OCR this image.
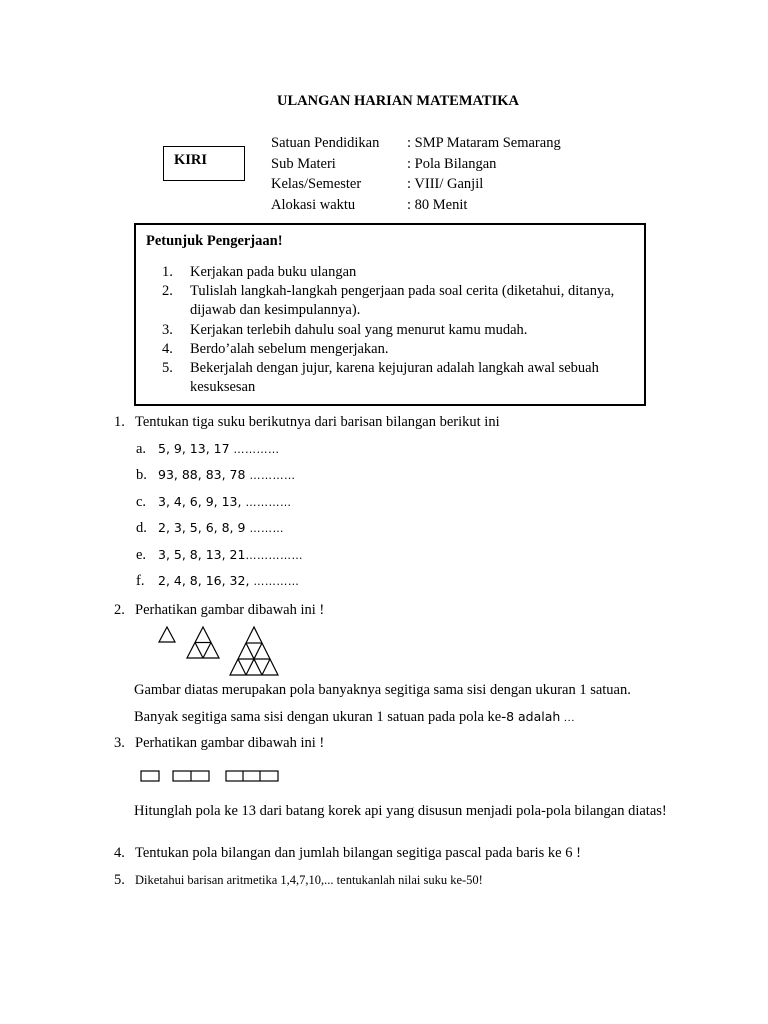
ULANGAN HARIAN MATEMATIKA
KIRI
Satuan Pendidikan	: SMP Mataram Semarang
Sub Materi	: Pola Bilangan
Kelas/Semester	: VIII/ Ganjil
Alokasi waktu	: 80 Menit
Petunjuk Pengerjaan!
1.	Kerjakan pada buku ulangan
2.	Tulislah langkah-langkah pengerjaan pada soal cerita (diketahui, ditanya, dijawab dan kesimpulannya).
3.	Kerjakan terlebih dahulu soal yang menurut kamu mudah.
4.	Berdo’alah sebelum mengerjakan.
5.	Bekerjalah dengan jujur, karena kejujuran adalah langkah awal sebuah kesuksesan
1. Tentukan tiga suku berikutnya dari barisan bilangan berikut ini
a. 5, 9, 13, 17 …………
b. 93, 88, 83, 78 …………
c. 3, 4, 6, 9, 13, …………
d. 2, 3, 5, 6, 8, 9 ………
e. 3, 5, 8, 13, 21……………
f. 2, 4, 8, 16, 32, …………
2. Perhatikan gambar dibawah ini !
Gambar diatas merupakan pola banyaknya segitiga sama sisi dengan ukuran 1 satuan.
Banyak segitiga sama sisi dengan ukuran 1 satuan pada pola ke-8 adalah …
3. Perhatikan gambar dibawah ini !
Hitunglah pola ke 13 dari batang korek api yang disusun menjadi pola-pola bilangan diatas!
4. Tentukan pola bilangan dan jumlah bilangan segitiga pascal pada baris ke 6 !
5. Diketahui barisan aritmetika 1,4,7,10,... tentukanlah nilai suku ke-50!
